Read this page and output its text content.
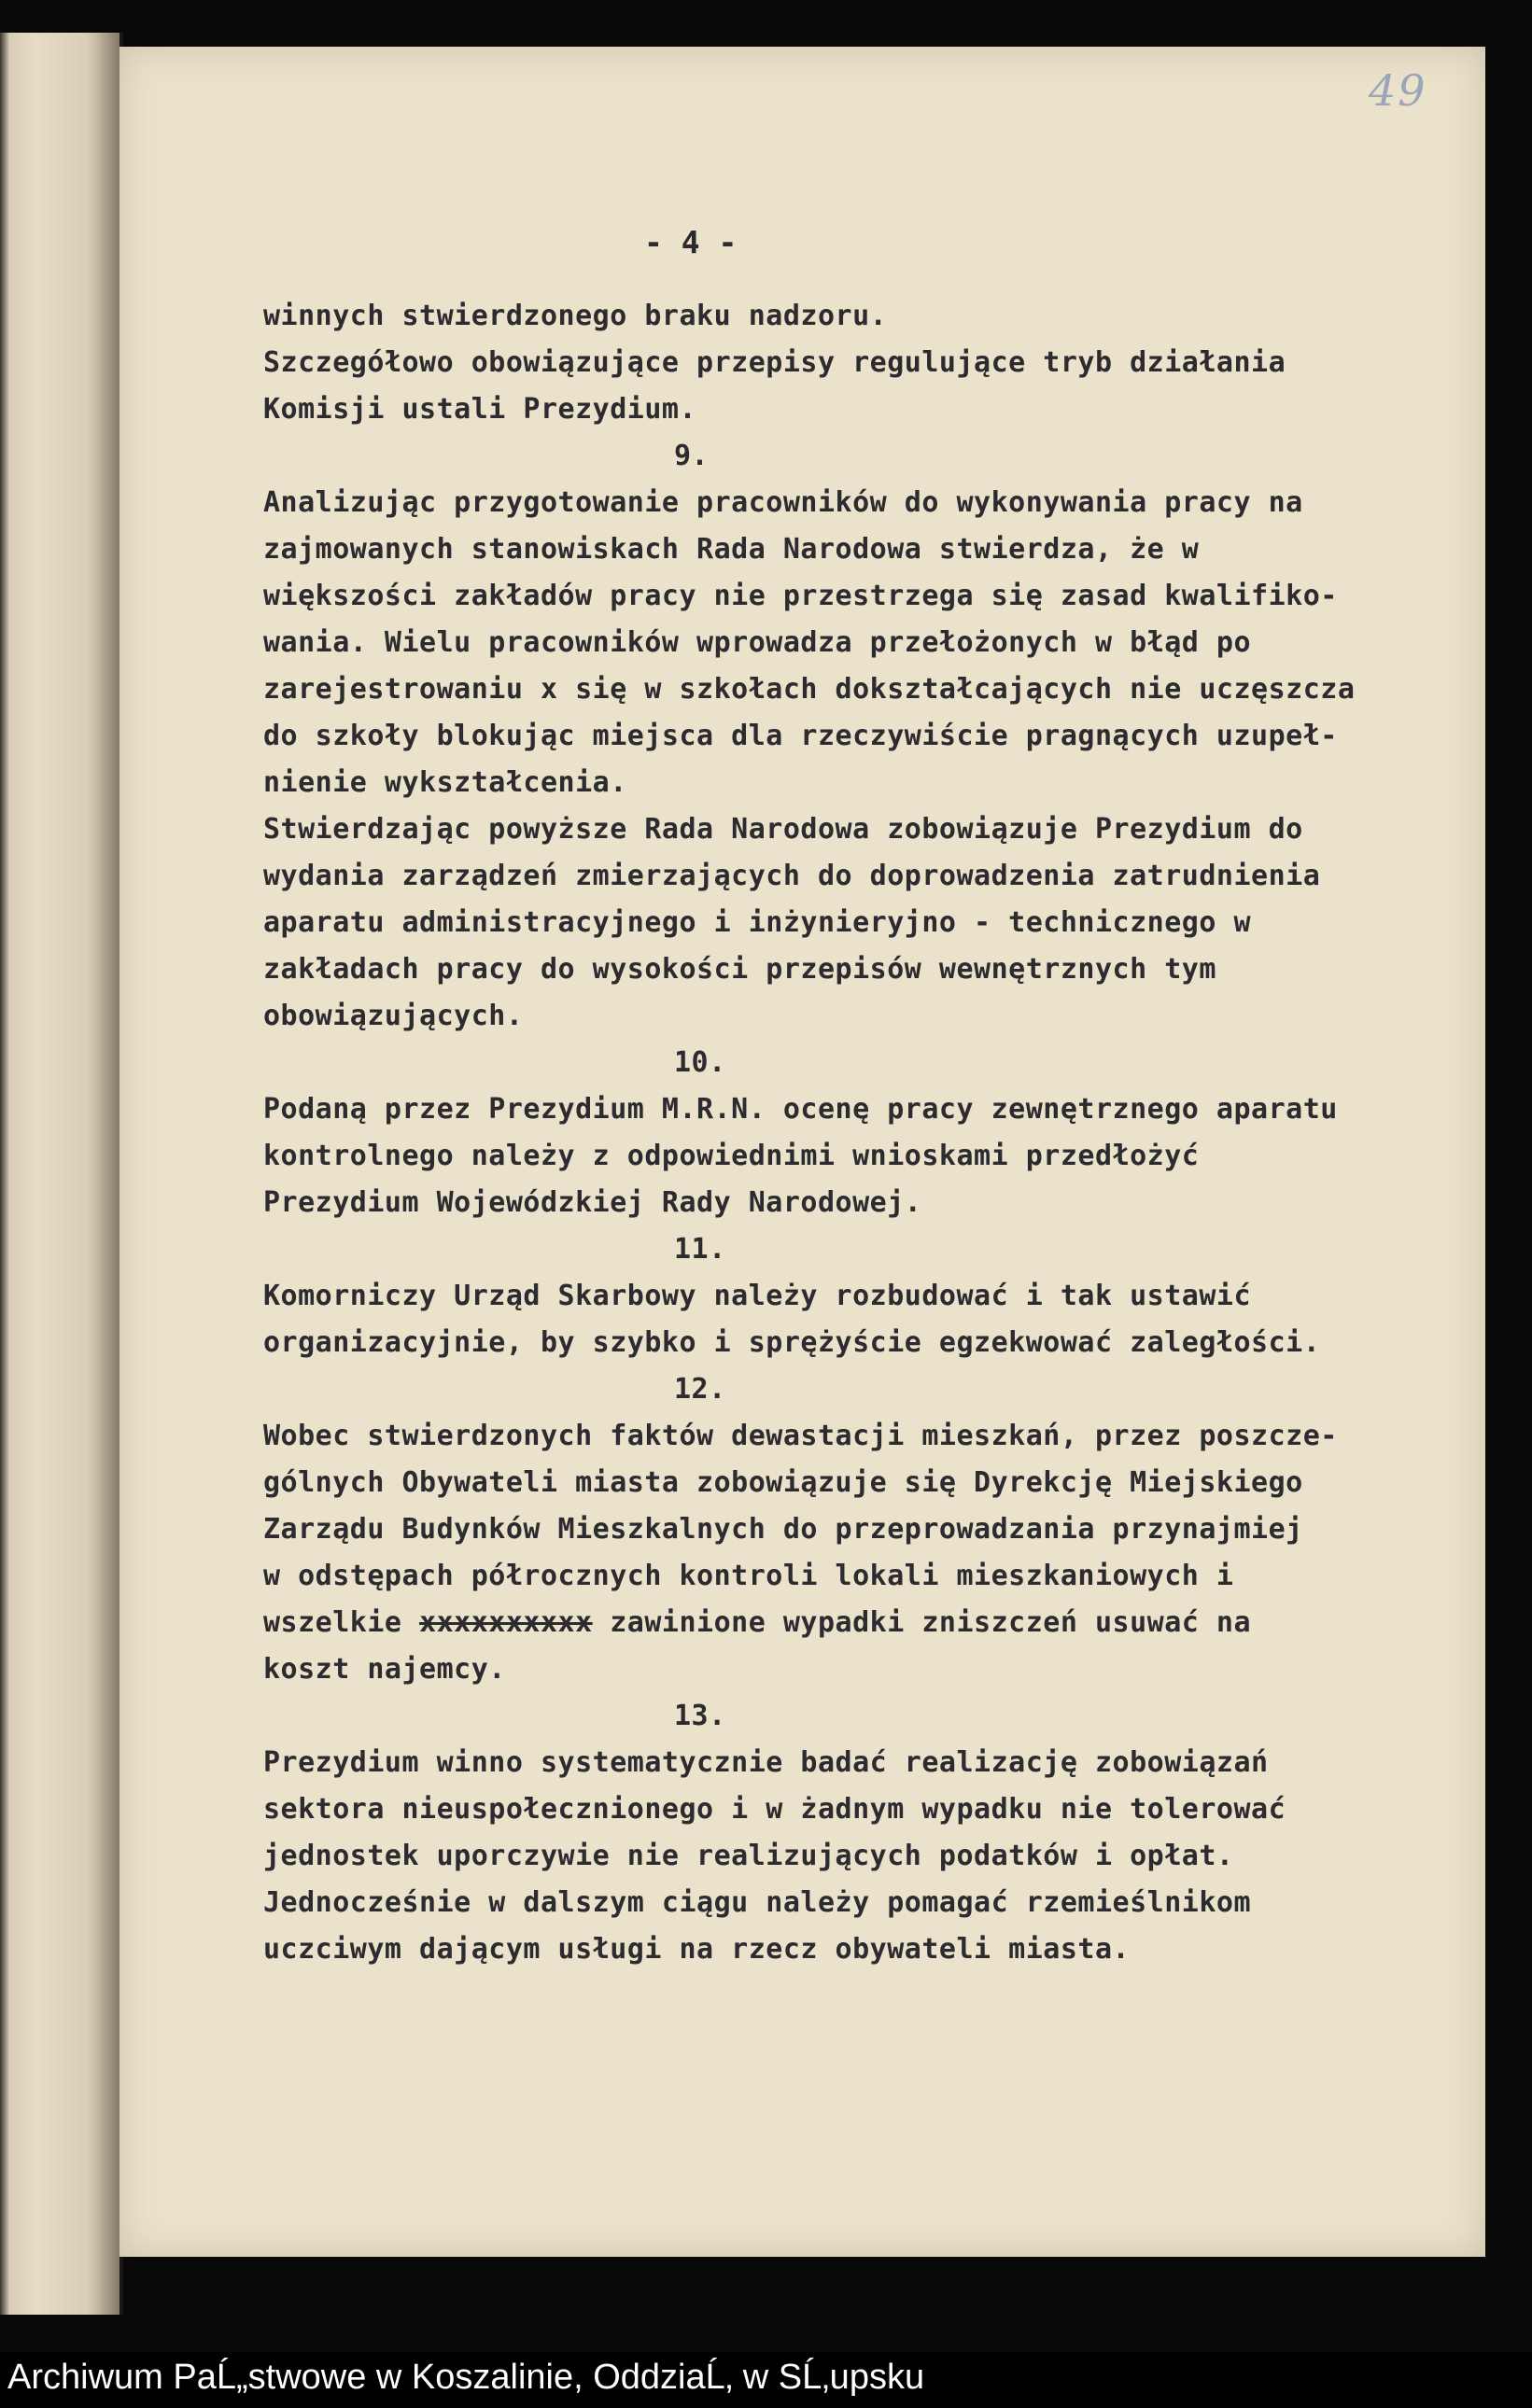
49
- 4 -
winnych stwierdzonego braku nadzoru.
Szczegółowo obowiązujące przepisy regulujące tryb działania
Komisji ustali Prezydium.
9.
Analizując przygotowanie pracowników do wykonywania pracy na
zajmowanych stanowiskach Rada Narodowa stwierdza, że w
większości zakładów pracy nie przestrzega się zasad kwalifiko-
wania. Wielu pracowników wprowadza przełożonych w błąd po
zarejestrowaniu x się w szkołach dokształcających nie uczęszcza
do szkoły blokując miejsca dla rzeczywiście pragnących uzupeł-
nienie wykształcenia.
Stwierdzając powyższe Rada Narodowa zobowiązuje Prezydium do
wydania zarządzeń zmierzających do doprowadzenia zatrudnienia
aparatu administracyjnego i inżynieryjno - technicznego w
zakładach pracy do wysokości przepisów wewnętrznych tym
obowiązujących.
10.
Podaną przez Prezydium M.R.N. ocenę pracy zewnętrznego aparatu
kontrolnego należy z odpowiednimi wnioskami przedłożyć
Prezydium Wojewódzkiej Rady Narodowej.
11.
Komorniczy Urząd Skarbowy należy rozbudować i tak ustawić
organizacyjnie, by szybko i sprężyście egzekwować zaległości.
12.
Wobec stwierdzonych faktów dewastacji mieszkań, przez poszcze-
gólnych Obywateli miasta zobowiązuje się Dyrekcję Miejskiego
Zarządu Budynków Mieszkalnych do przeprowadzania przynajmiej
w odstępach półrocznych kontroli lokali mieszkaniowych i
wszelkie xxxxxxxxxx zawinione wypadki zniszczeń usuwać na
koszt najemcy.
13.
Prezydium winno systematycznie badać realizację zobowiązań
sektora nieuspołecznionego i w żadnym wypadku nie tolerować
jednostek uporczywie nie realizujących podatków i opłat.
Jednocześnie w dalszym ciągu należy pomagać rzemieślnikom
uczciwym dającym usługi na rzecz obywateli miasta.
Archiwum PaĹ„stwowe w Koszalinie, OddziaĹ‚ w SĹ‚upsku
